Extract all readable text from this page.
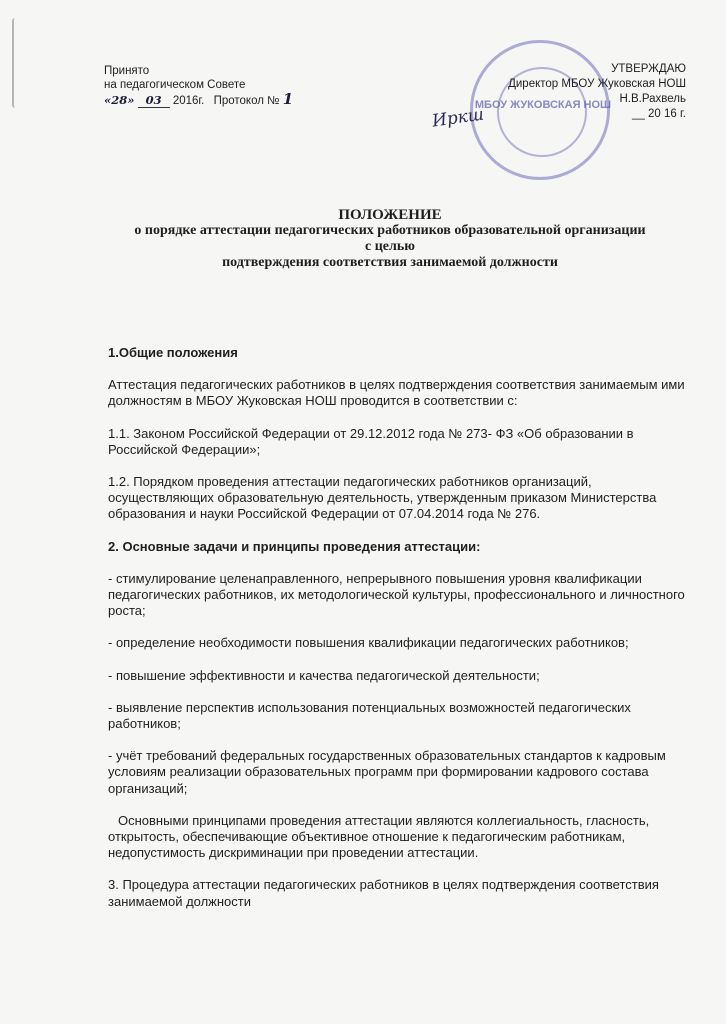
Принято
на педагогическом Совете
«28» 03 2016г. Протокол № 1	МБОУ ЖУКОВСКАЯ НОШ
Иркш
УТВЕРЖДАЮ
Директор МБОУ Жуковская НОШ
Н.В.Рахвель
__ 20 16 г.
ПОЛОЖЕНИЕ
о порядке аттестации педагогических работников образовательной организации
с целью
подтверждения соответствия занимаемой должности

1.Общие положения

Аттестация педагогических работников в целях подтверждения соответствия занимаемым ими должностям в МБОУ Жуковская НОШ проводится в соответствии с:

1.1. Законом Российской Федерации от 29.12.2012 года № 273- ФЗ «Об образовании в Российской Федерации»;

1.2. Порядком проведения аттестации педагогических работников организаций, осуществляющих образовательную деятельность, утвержденным приказом Министерства образования и науки Российской Федерации от 07.04.2014 года № 276.

2. Основные задачи и принципы проведения аттестации:

- стимулирование целенаправленного, непрерывного повышения уровня квалификации педагогических работников, их методологической культуры, профессионального и личностного роста;

- определение необходимости повышения квалификации педагогических работников;

- повышение эффективности и качества педагогической деятельности;

- выявление перспектив использования потенциальных возможностей педагогических работников;

- учёт требований федеральных государственных образовательных стандартов к кадровым условиям реализации образовательных программ при формировании кадрового состава организаций;

Основными принципами проведения аттестации являются коллегиальность, гласность, открытость, обеспечивающие объективное отношение к педагогическим работникам, недопустимость дискриминации при проведении аттестации.

3. Процедура аттестации педагогических работников в целях подтверждения соответствия занимаемой должности
